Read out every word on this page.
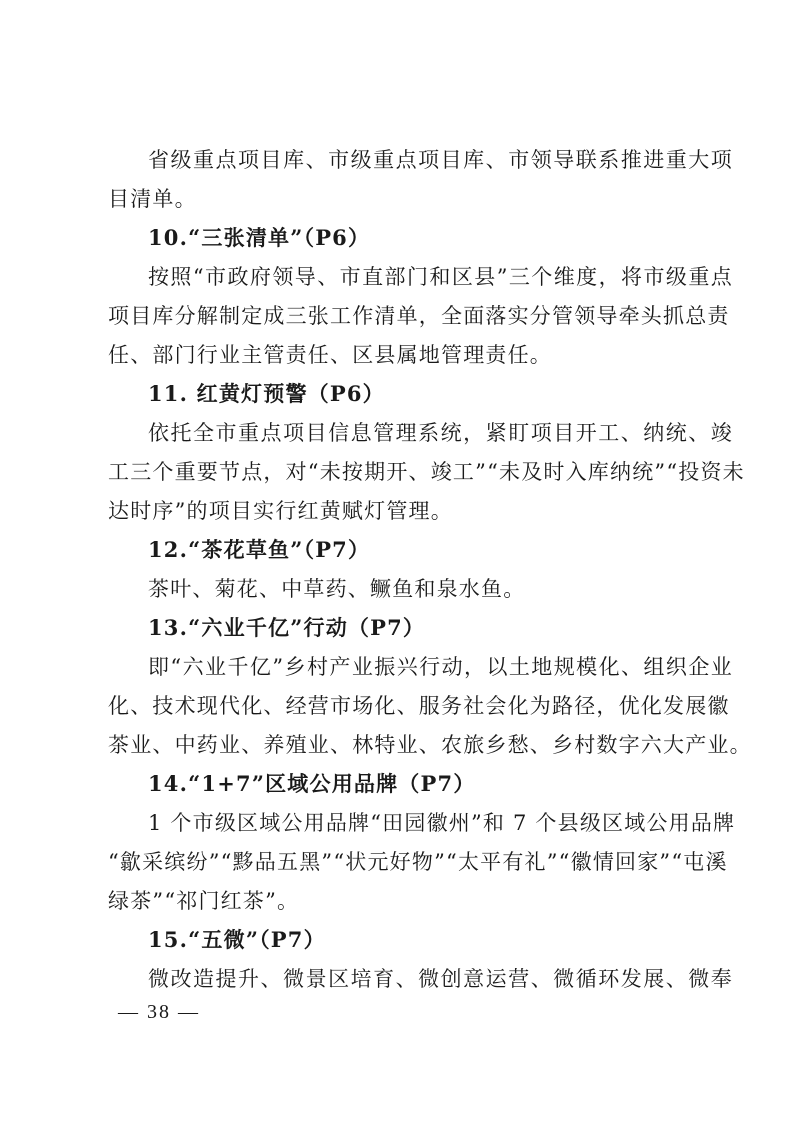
省级重点项目库、市级重点项目库、市领导联系推进重大项
目清单。
10.“三张清单”（P6）
按照“市政府领导、市直部门和区县”三个维度，将市级重点
项目库分解制定成三张工作清单，全面落实分管领导牵头抓总责
任、部门行业主管责任、区县属地管理责任。
11. 红黄灯预警（P6）
依托全市重点项目信息管理系统，紧盯项目开工、纳统、竣
工三个重要节点，对“未按期开、竣工”“未及时入库纳统”“投资未
达时序”的项目实行红黄赋灯管理。
12.“茶花草鱼”（P7）
茶叶、菊花、中草药、鳜鱼和泉水鱼。
13.“六业千亿”行动（P7）
即“六业千亿”乡村产业振兴行动，以土地规模化、组织企业
化、技术现代化、经营市场化、服务社会化为路径，优化发展徽
茶业、中药业、养殖业、林特业、农旅乡愁、乡村数字六大产业。
14.“1+7”区域公用品牌（P7）
1 个市级区域公用品牌“田园徽州”和 7 个县级区域公用品牌
“歙采缤纷”“黟品五黑”“状元好物”“太平有礼”“徽情回家”“屯溪
绿茶”“祁门红茶”。
15.“五微”（P7）
微改造提升、微景区培育、微创意运营、微循环发展、微奉
— 38 —
